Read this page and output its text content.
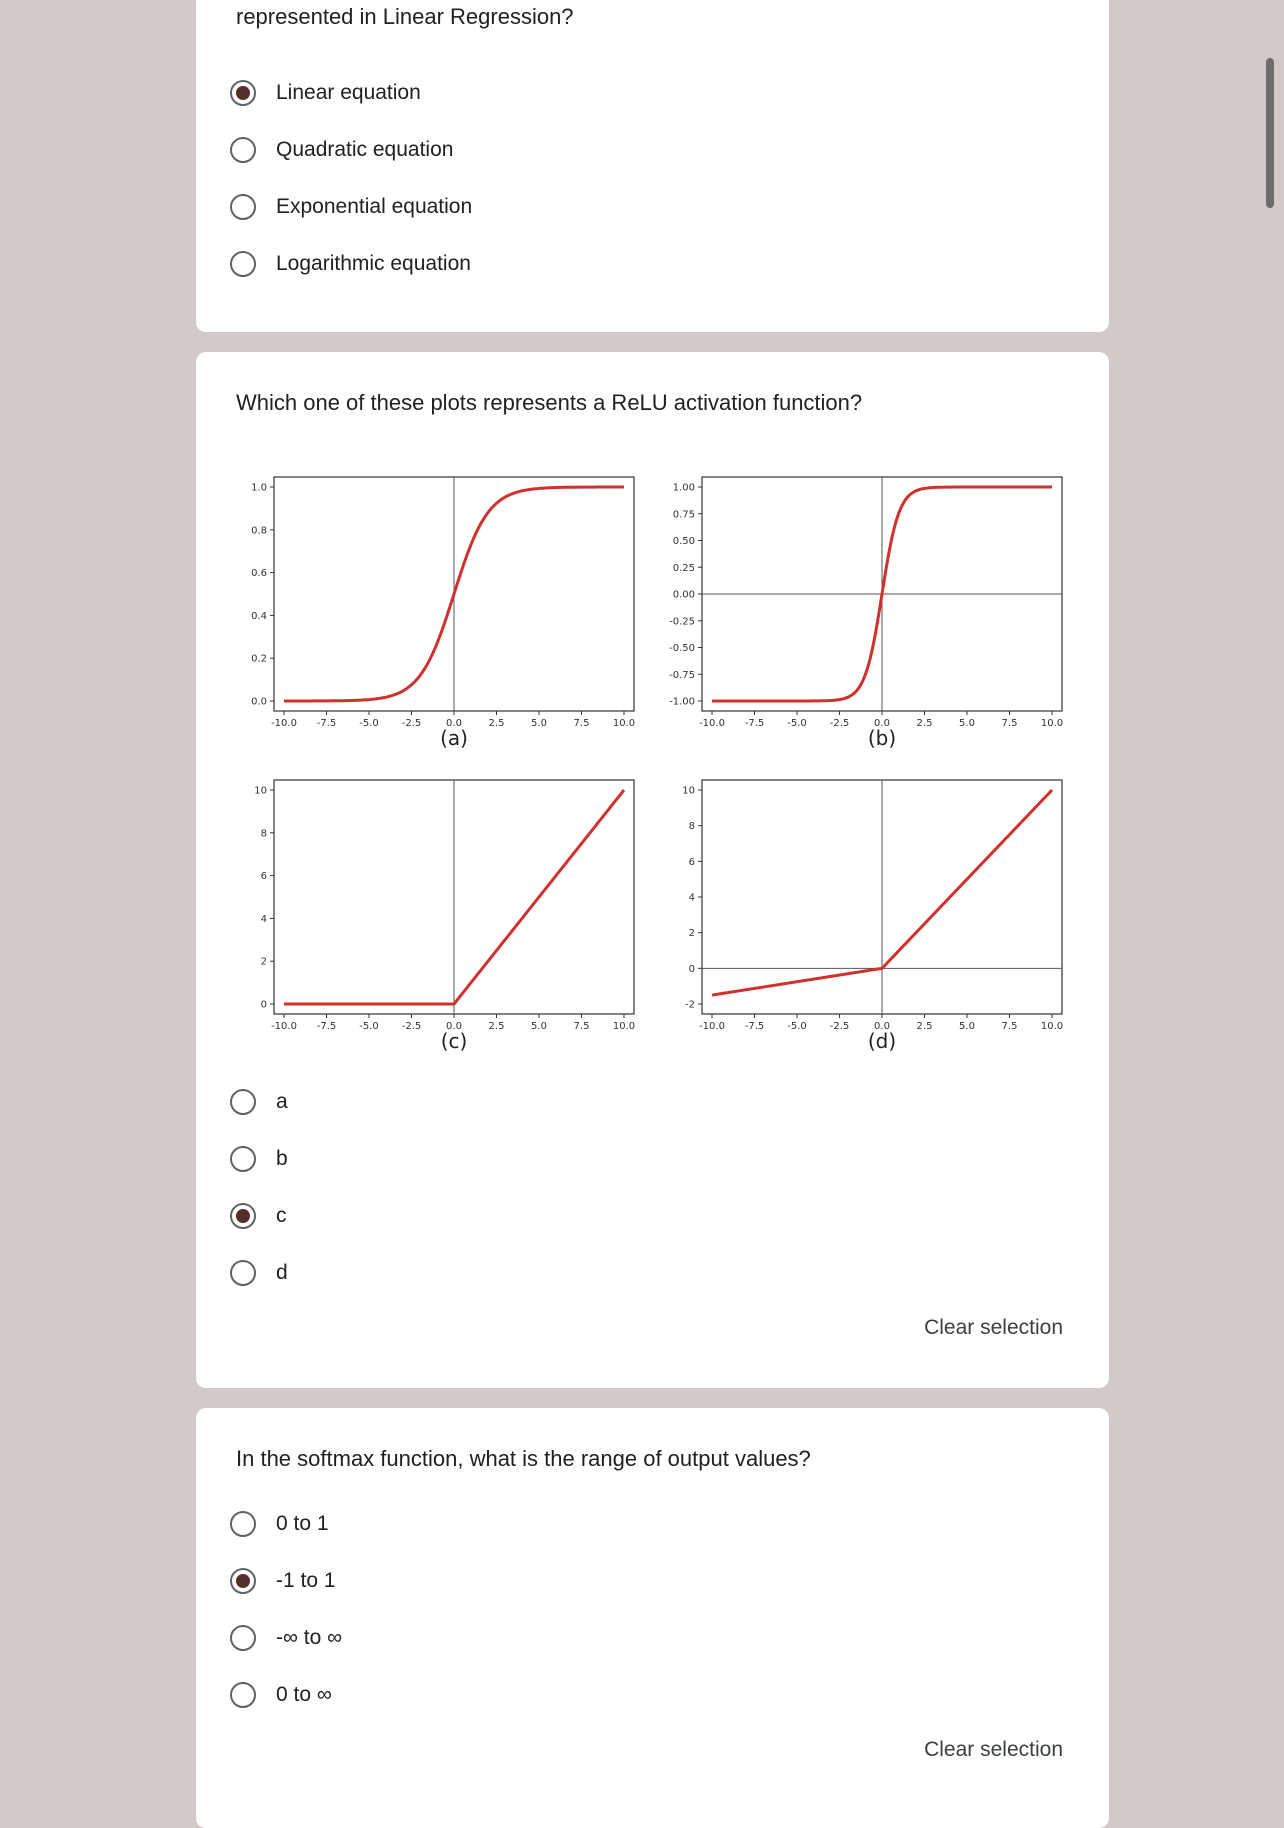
represented in Linear Regression?
Linear equation
Quadratic equation
Exponential equation
Logarithmic equation
Which one of these plots represents a ReLU activation function?
a
b
c
d
Clear selection
-10.0 -7.5 -5.0 -2.5 0.0	2.5	5.0	7.5 10.0
0.0
0.2
0.4
0.6
0.8
1.0
(a)
-10.0 -7.5 -5.0 -2.5 0.0	2.5	5.0	7.5 10.0
-1.00
-0.75
-0.50
-0.25
0.00
0.25
0.50
0.75
1.00
(b)
-10.0 -7.5 -5.0 -2.5 0.0	2.5	5.0	7.5 10.0
0
2
4
6
8
10
(c)
-10.0 -7.5 -5.0 -2.5 0.0	2.5	5.0	7.5 10.0
-2
0
2
4
6
8
10
(d)
In the softmax function, what is the range of output values?
0 to 1
-1 to 1
-∞ to ∞
0 to ∞
Clear selection
